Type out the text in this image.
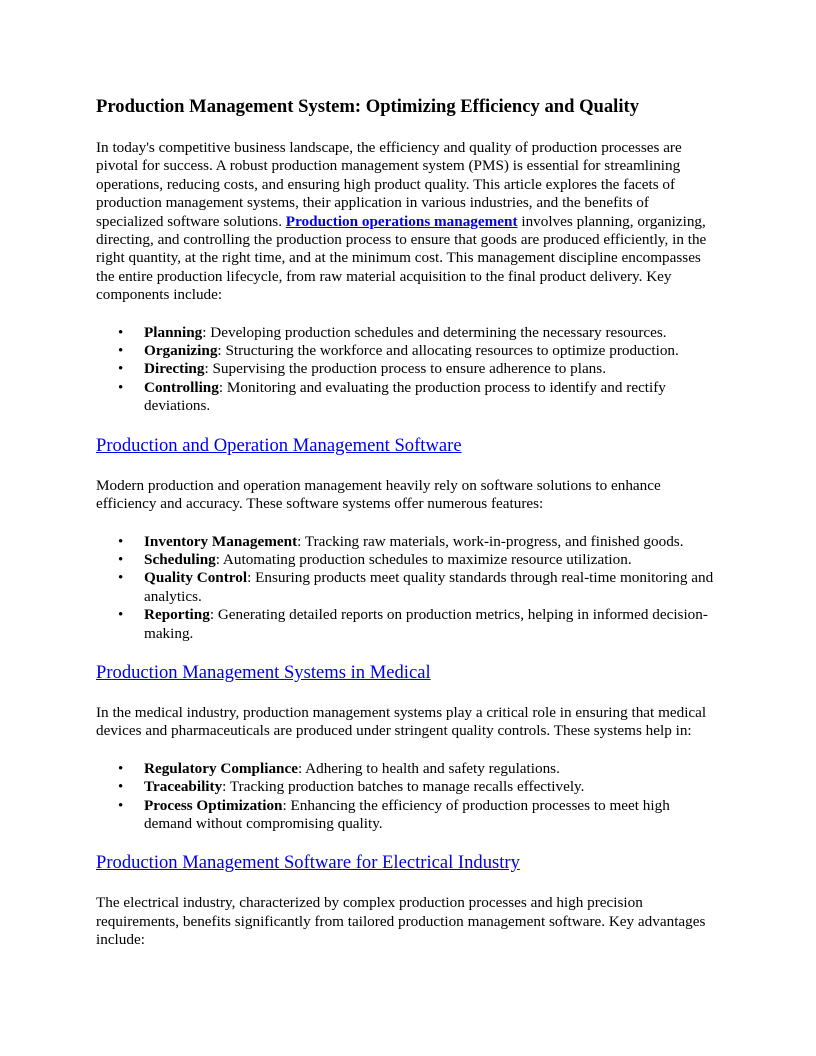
Production Management System: Optimizing Efficiency and Quality

In today's competitive business landscape, the efficiency and quality of production processes are pivotal for success. A robust production management system (PMS) is essential for streamlining operations, reducing costs, and ensuring high product quality. This article explores the facets of production management systems, their application in various industries, and the benefits of specialized software solutions. Production operations management involves planning, organizing, directing, and controlling the production process to ensure that goods are produced efficiently, in the right quantity, at the right time, and at the minimum cost. This management discipline encompasses the entire production lifecycle, from raw material acquisition to the final product delivery. Key components include:

• Planning: Developing production schedules and determining the necessary resources.
• Organizing: Structuring the workforce and allocating resources to optimize production.
• Directing: Supervising the production process to ensure adherence to plans.
• Controlling: Monitoring and evaluating the production process to identify and rectify deviations.
Production and Operation Management Software

Modern production and operation management heavily rely on software solutions to enhance efficiency and accuracy. These software systems offer numerous features:

• Inventory Management: Tracking raw materials, work-in-progress, and finished goods.
• Scheduling: Automating production schedules to maximize resource utilization.
• Quality Control: Ensuring products meet quality standards through real-time monitoring and analytics.
• Reporting: Generating detailed reports on production metrics, helping in informed decision-making.
Production Management Systems in Medical

In the medical industry, production management systems play a critical role in ensuring that medical devices and pharmaceuticals are produced under stringent quality controls. These systems help in:

• Regulatory Compliance: Adhering to health and safety regulations.
• Traceability: Tracking production batches to manage recalls effectively.
• Process Optimization: Enhancing the efficiency of production processes to meet high demand without compromising quality.
Production Management Software for Electrical Industry

The electrical industry, characterized by complex production processes and high precision requirements, benefits significantly from tailored production management software. Key advantages include:
